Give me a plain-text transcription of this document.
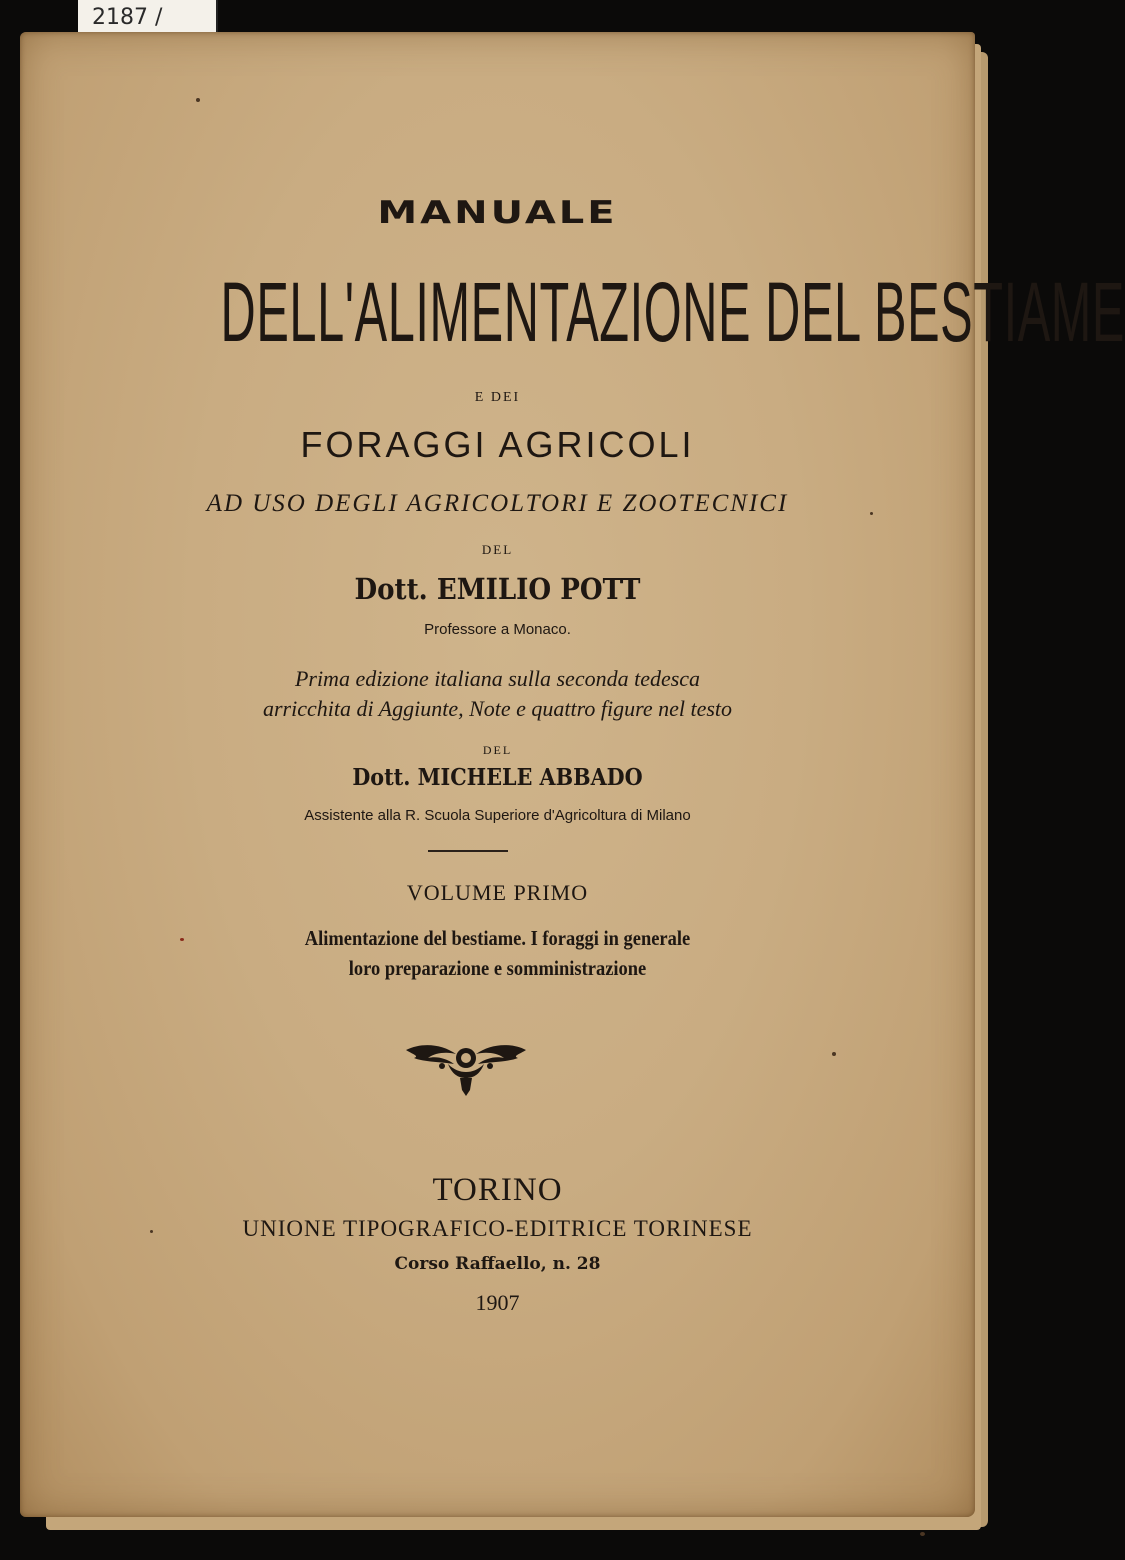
2187 /
MANUALE
DELL'ALIMENTAZIONE DEL BESTIAME
E DEI
FORAGGI AGRICOLI
AD USO DEGLI AGRICOLTORI E ZOOTECNICI
DEL
Dott. EMILIO POTT
Professore a Monaco.
Prima edizione italiana sulla seconda tedesca
arricchita di Aggiunte, Note e quattro figure nel testo
DEL
Dott. MICHELE ABBADO
Assistente alla R. Scuola Superiore d'Agricoltura di Milano
VOLUME PRIMO
Alimentazione del bestiame. I foraggi in generale
loro preparazione e somministrazione
TORINO
UNIONE TIPOGRAFICO-EDITRICE TORINESE
Corso Raffaello, n. 28
1907
